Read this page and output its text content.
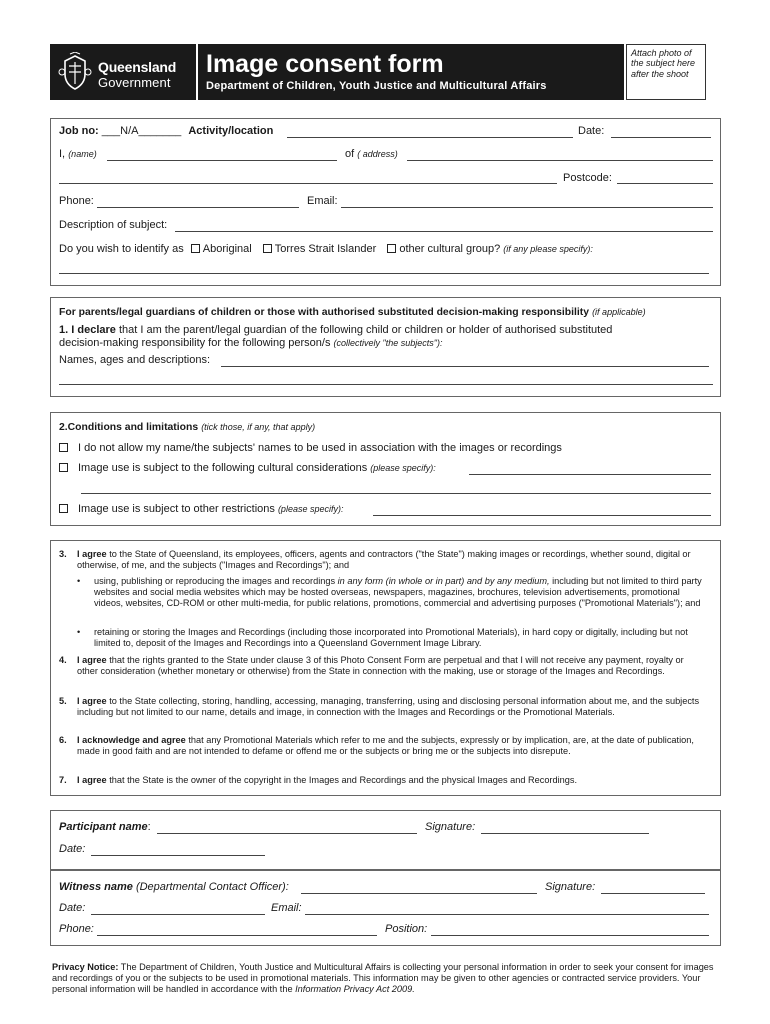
Queensland
Government
Image consent form
Department of Children, Youth Justice and Multicultural Affairs
Attach photo of the subject here after the shoot
Job no: ___N/A_______ Activity/location	Date:
I, (name)	of ( address)
Postcode:
Phone:	Email:
Description of subject:
Do you wish to identify as Aboriginal Torres Strait Islander other cultural group? (if any please specify):
For parents/legal guardians of children or those with authorised substituted decision-making responsibility (if applicable)
1. I declare that I am the parent/legal guardian of the following child or children or holder of authorised substituted
decision-making responsibility for the following person/s (collectively "the subjects"):
Names, ages and descriptions:
2.Conditions and limitations (tick those, if any, that apply)
I do not allow my name/the subjects' names to be used in association with the images or recordings
Image use is subject to the following cultural considerations (please specify):
Image use is subject to other restrictions (please specify):
3. I agree to the State of Queensland, its employees, officers, agents and contractors ("the State") making images or recordings, whether sound, digital or otherwise, of me, and the subjects ("Images and Recordings"); and
• using, publishing or reproducing the images and recordings in any form (in whole or in part) and by any medium, including but not limited to third party websites and social media websites which may be hosted overseas, newspapers, magazines, brochures, television advertisements, promotional videos, websites, CD-ROM or other multi-media, for public relations, promotions, commercial and advertising purposes ("Promotional Materials"); and
• retaining or storing the Images and Recordings (including those incorporated into Promotional Materials), in hard copy or digitally, including but not limited to, deposit of the Images and Recordings into a Queensland Government Image Library.
4. I agree that the rights granted to the State under clause 3 of this Photo Consent Form are perpetual and that I will not receive any payment, royalty or other consideration (whether monetary or otherwise) from the State in connection with the making, use or storage of the Images and Recordings.
5. I agree to the State collecting, storing, handling, accessing, managing, transferring, using and disclosing personal information about me, and the subjects including but not limited to our name, details and image, in connection with the Images and Recordings or the Promotional Materials.
6. I acknowledge and agree that any Promotional Materials which refer to me and the subjects, expressly or by implication, are, at the date of publication, made in good faith and are not intended to defame or offend me or the subjects or bring me or the subjects into disrepute.
7. I agree that the State is the owner of the copyright in the Images and Recordings and the physical Images and Recordings.
Participant name:	Signature:
Date:
Witness name (Departmental Contact Officer):	Signature:
Date:	Email:
Phone:	Position:
Privacy Notice: The Department of Children, Youth Justice and Multicultural Affairs is collecting your personal information in order to seek your consent for images and recordings of you or the subjects to be used in promotional materials. This information may be given to other agencies or contracted service providers. Your personal information will be handled in accordance with the Information Privacy Act 2009.
